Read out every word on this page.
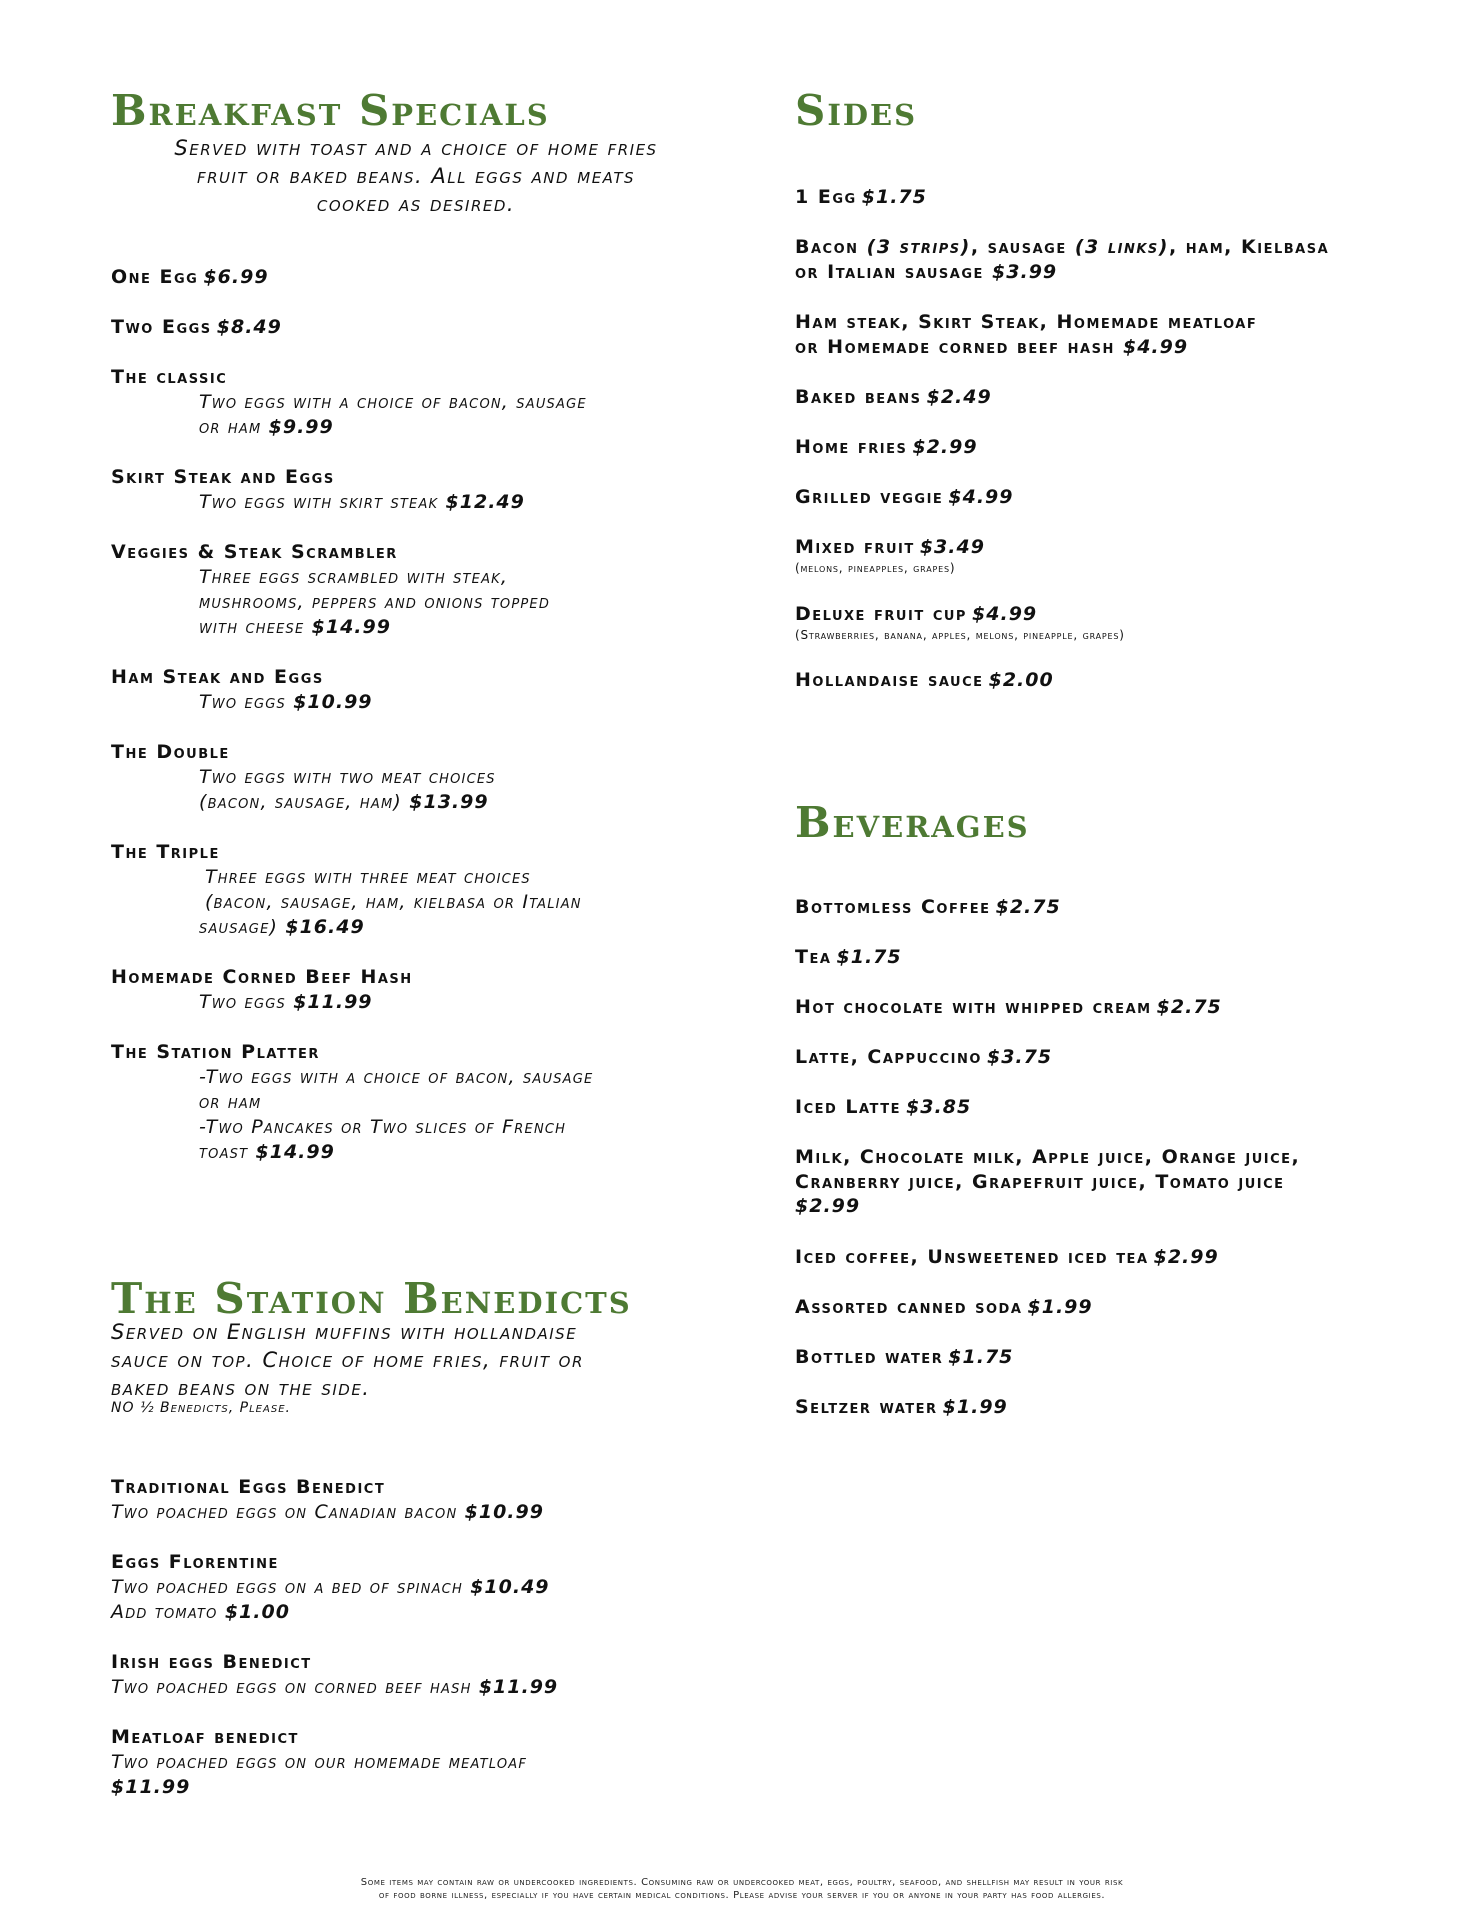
Breakfast Specials
Served with toast and a choice of home fries
fruit or baked beans. All eggs and meats
cooked as desired.
One Egg $6.99
Two Eggs $8.49
The classic
Two eggs with a choice of bacon, sausage
or ham $9.99
Skirt Steak and Eggs
Two eggs with skirt steak $12.49
Veggies & Steak Scrambler
Three eggs scrambled with steak,
mushrooms, peppers and onions topped
with cheese $14.99
Ham Steak and Eggs
Two eggs $10.99
The Double
Two eggs with two meat choices
(bacon, sausage, ham) $13.99
The Triple
Three eggs with three meat choices
(bacon, sausage, ham, kielbasa or Italian
sausage) $16.49
Homemade Corned Beef Hash
Two eggs $11.99
The Station Platter
-Two eggs with a choice of bacon, sausage
or ham
-Two Pancakes or Two slices of French
toast $14.99
The Station Benedicts
Served on English muffins with hollandaise
sauce on top. Choice of home fries, fruit or
baked beans on the side.
NO ½ Benedicts, Please.
Traditional Eggs Benedict
Two poached eggs on Canadian bacon $10.99
Eggs Florentine
Two poached eggs on a bed of spinach $10.49
Add tomato $1.00
Irish eggs Benedict
Two poached eggs on corned beef hash $11.99
Meatloaf benedict
Two poached eggs on our homemade meatloaf
$11.99
Sides
1 Egg $1.75
Bacon (3 strips), sausage (3 links), ham, Kielbasa
or Italian sausage $3.99
Ham steak, Skirt Steak, Homemade meatloaf
or Homemade corned beef hash $4.99
Baked beans $2.49
Home fries $2.99
Grilled veggie $4.99
Mixed fruit $3.49
(melons, pineapples, grapes)
Deluxe fruit cup $4.99
(Strawberries, banana, apples, melons, pineapple, grapes)
Hollandaise sauce $2.00
Beverages
Bottomless Coffee $2.75
Tea $1.75
Hot chocolate with whipped cream $2.75
Latte, Cappuccino $3.75
Iced Latte $3.85
Milk, Chocolate milk, Apple juice, Orange juice,
Cranberry juice, Grapefruit juice, Tomato juice
$2.99
Iced coffee, Unsweetened iced tea $2.99
Assorted canned soda $1.99
Bottled water $1.75
Seltzer water $1.99
Some items may contain raw or undercooked ingredients. Consuming raw or undercooked meat, eggs, poultry, seafood, and shellfish may result in your risk
of food borne illness, especially if you have certain medical conditions. Please advise your server if you or anyone in your party has food allergies.
